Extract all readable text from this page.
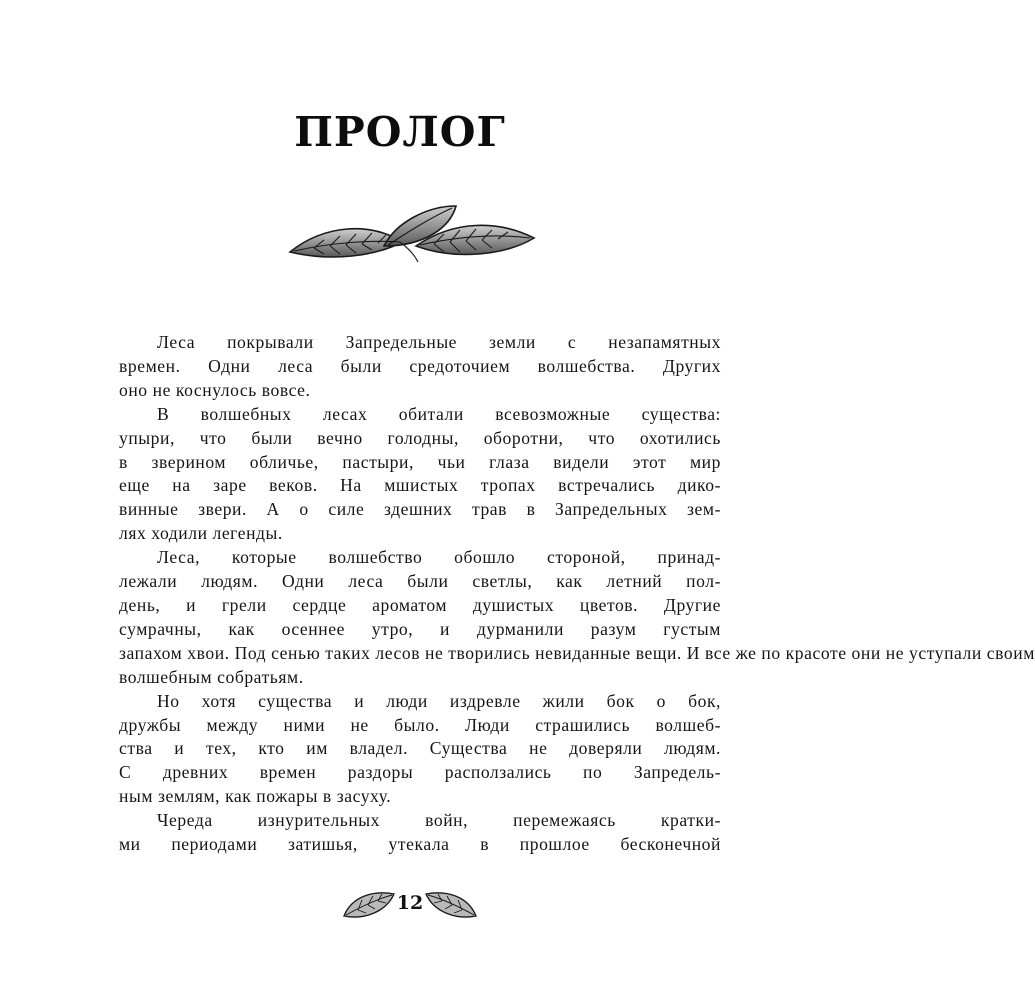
ПРОЛОГ
Леса покрывали Запредельные земли с незапамятных
времен. Одни леса были средоточием волшебства. Других
оно не коснулось вовсе.
В волшебных лесах обитали всевозможные существа:
упыри, что были вечно голодны, оборотни, что охотились
в зверином обличье, пастыри, чьи глаза видели этот мир
еще на заре веков. На мшистых тропах встречались дико-
винные звери. А о силе здешних трав в Запредельных зем-
лях ходили легенды.
Леса, которые волшебство обошло стороной, принад-
лежали людям. Одни леса были светлы, как летний пол-
день, и грели сердце ароматом душистых цветов. Другие
сумрачны, как осеннее утро, и дурманили разум густым
запахом хвои. Под сенью таких лесов не творились невиданные вещи. И все же по красоте они не уступали своим
волшебным собратьям.
Но хотя существа и люди издревле жили бок о бок,
дружбы между ними не было. Люди страшились волшеб-
ства и тех, кто им владел. Существа не доверяли людям.
С древних времен раздоры расползались по Запредель-
ным землям, как пожары в засуху.
Череда изнурительных войн, перемежаясь кратки-
ми периодами затишья, утекала в прошлое бесконечной
12
